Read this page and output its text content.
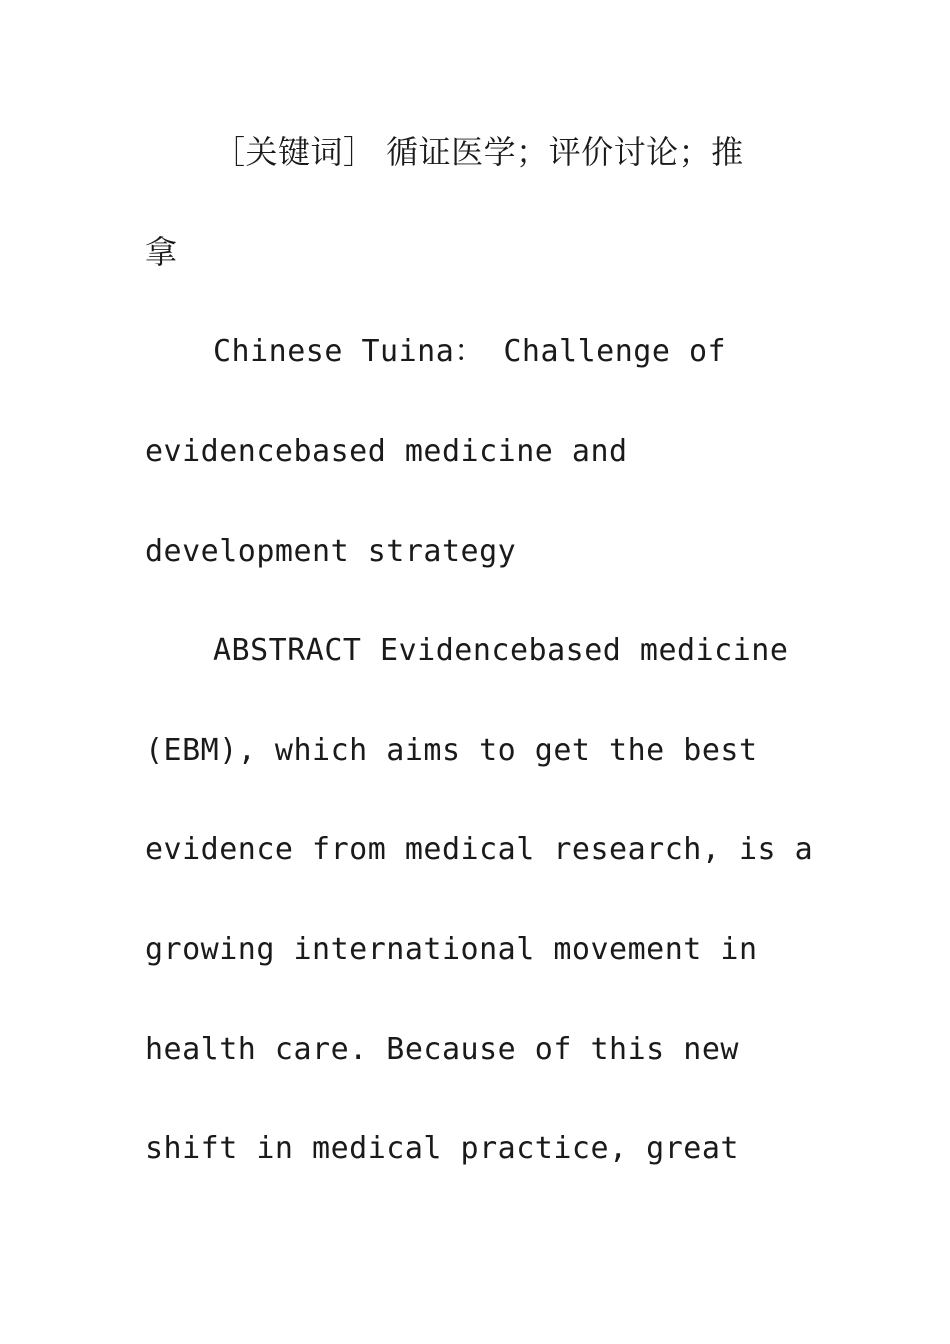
［关键词］ 循证医学；评价讨论；推
拿
Chinese Tuina： Challenge of
evidencebased medicine and
development strategy
ABSTRACT Evidencebased medicine
(EBM), which aims to get the best
evidence from medical research, is a
growing international movement in
health care. Because of this new
shift in medical practice, great
